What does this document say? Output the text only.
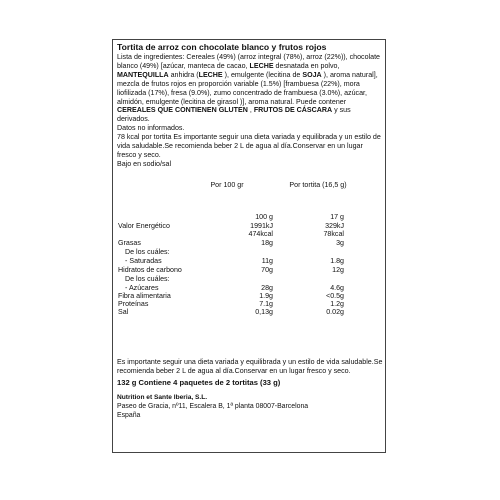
Tortita de arroz con chocolate blanco y frutos rojos

Lista de ingredientes: Cereales (49%) (arroz integral (78%), arroz (22%)), chocolate blanco (49%) [azúcar, manteca de cacao, LECHE desnatada en polvo, MANTEQUILLA anhidra (LECHE ), emulgente (lecitina de SOJA ), aroma natural], mezcla de frutos rojos en proporción variable (1.5%) [frambuesa (22%), mora liofilizada (17%), fresa (9.0%), zumo concentrado de frambuesa (3.0%), azúcar, almidón, emulgente (lecitina de girasol )], aroma natural. Puede contener CEREALES QUE CONTIENEN GLUTEN , FRUTOS DE CÁSCARA y sus derivados.

Datos no informados.
78 kcal por tortita Es importante seguir una dieta variada y equilibrada y un estilo de vida saludable.Se recomienda beber 2 L de agua al día.Conservar en un lugar fresco y seco.
Bajo en sodio/sal
Por 100 gr	Por tortita (16,5 g)
100 g	17 g
Valor Energético	1991kJ	329kJ
474kcal	78kcal
Grasas	18g	3g
De los cuáles:
- Saturadas	11g	1.8g
Hidratos de carbono	70g	12g
De los cuáles:
- Azúcares	28g	4.6g
Fibra alimentaria	1.9g	<0.5g
Proteínas	7.1g	1.2g
Sal	0,13g	0.02g
Es importante seguir una dieta variada y equilibrada y un estilo de vida saludable.Se recomienda beber 2 L de agua al día.Conservar en un lugar fresco y seco.
132 g Contiene 4 paquetes de 2 tortitas (33 g)
Nutrition et Sante Iberia, S.L.
Paseo de Gracia, nº11, Escalera B, 1ª planta 08007-Barcelona
España
